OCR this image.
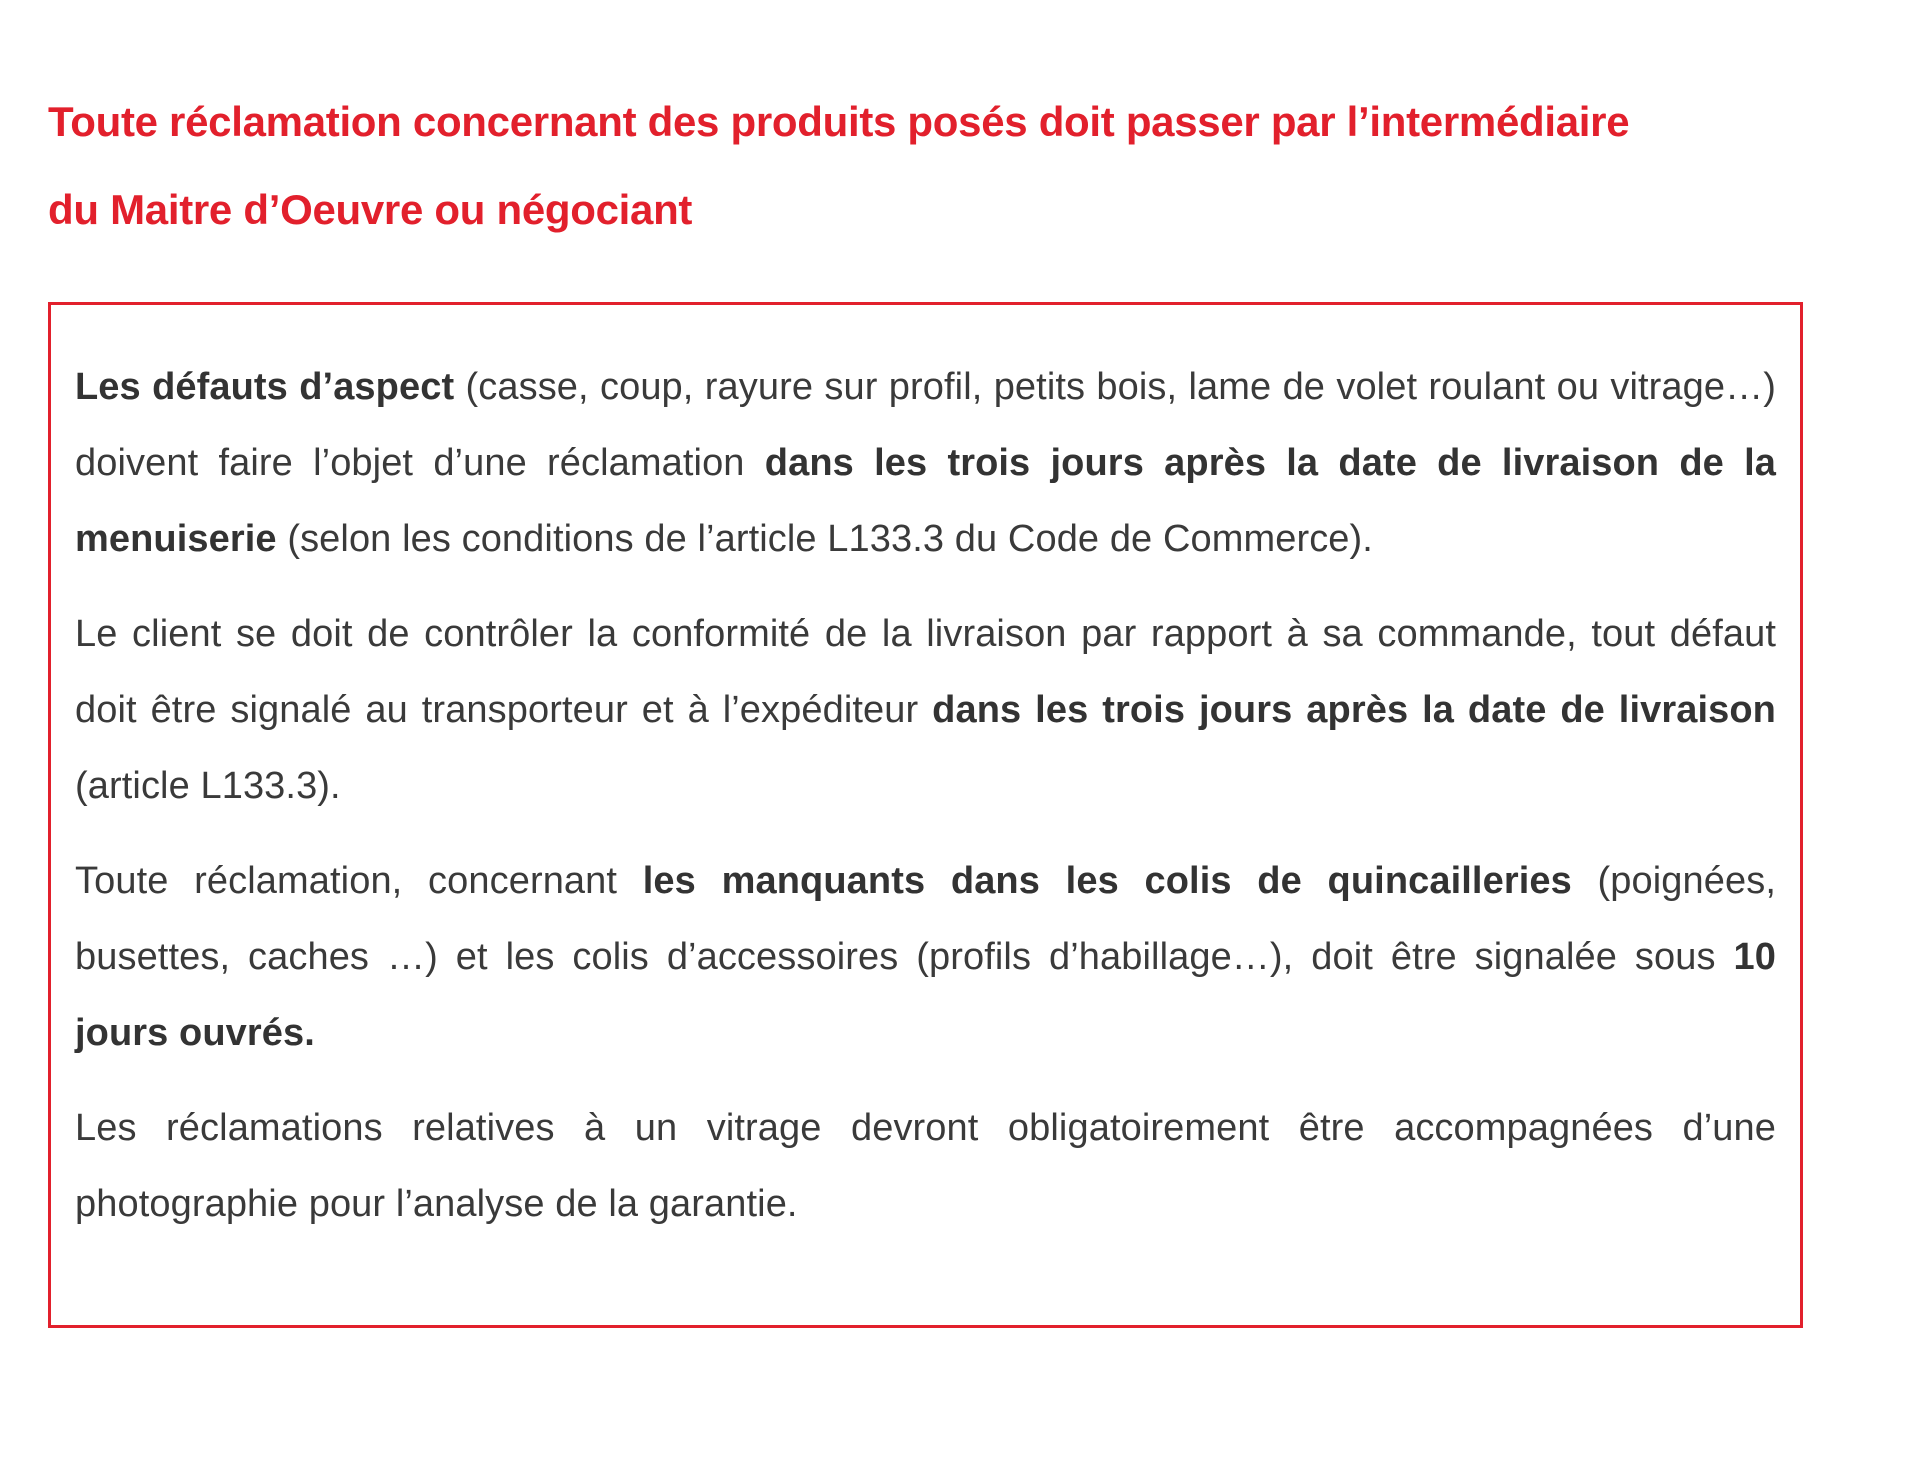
Toute réclamation concernant des produits posés doit passer par l’intermédiaire
du Maitre d’Oeuvre ou négociant

Les défauts d’aspect (casse, coup, rayure sur profil, petits bois, lame de volet roulant ou vitrage…) doivent faire l’objet d’une réclamation dans les trois jours après la date de livraison de la menuiserie (selon les conditions de l’article L133.3 du Code de Commerce).

Le client se doit de contrôler la conformité de la livraison par rapport à sa commande, tout défaut doit être signalé au transporteur et à l’expéditeur dans les trois jours après la date de livraison (article L133.3).

Toute réclamation, concernant les manquants dans les colis de quincailleries (poignées, busettes, caches …) et les colis d’accessoires (profils d’habillage…), doit être signalée sous 10 jours ouvrés.

Les réclamations relatives à un vitrage devront obligatoirement être accompagnées d’une photographie pour l’analyse de la garantie.
